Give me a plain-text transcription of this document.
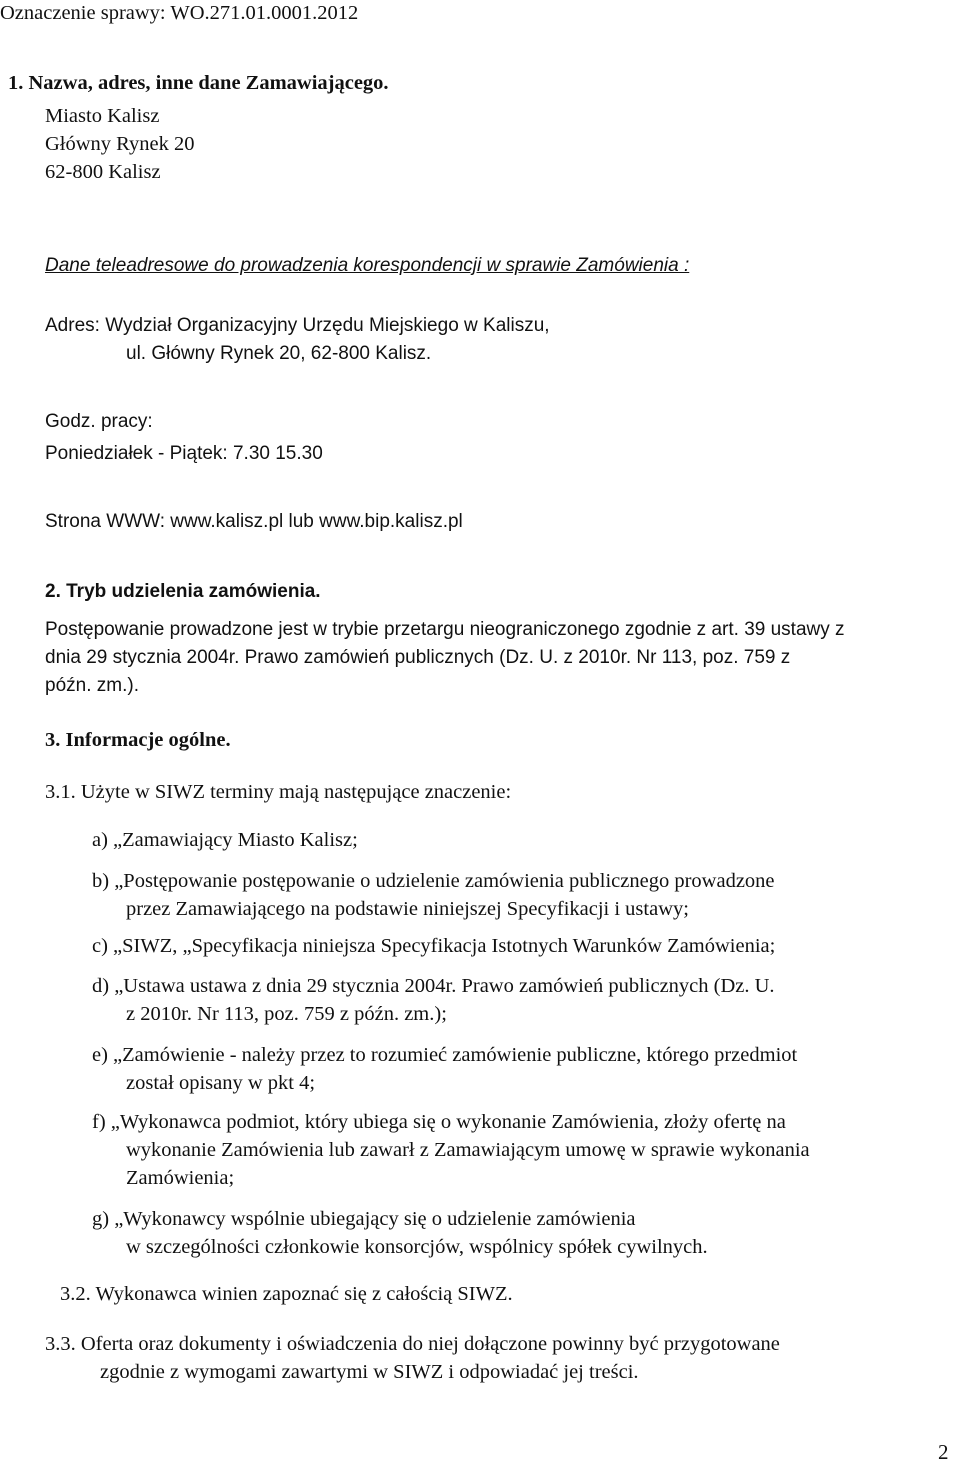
Oznaczenie sprawy: WO.271.01.0001.2012
1. Nazwa, adres, inne dane Zamawiającego.
Miasto Kalisz
Główny Rynek 20
62-800 Kalisz
Dane teleadresowe do prowadzenia korespondencji w sprawie Zamówienia :
Adres: Wydział Organizacyjny Urzędu Miejskiego w Kaliszu,
ul. Główny Rynek 20, 62-800 Kalisz.
Godz. pracy:
Poniedziałek - Piątek: 7.30 15.30
Strona WWW: www.kalisz.pl lub www.bip.kalisz.pl
2. Tryb udzielenia zamówienia.
Postępowanie prowadzone jest w trybie przetargu nieograniczonego zgodnie z art. 39 ustawy z
dnia 29 stycznia 2004r. Prawo zamówień publicznych (Dz. U. z 2010r. Nr 113, poz. 759 z
późn. zm.).
3. Informacje ogólne.
3.1. Użyte w SIWZ terminy mają następujące znaczenie:
a) „Zamawiający Miasto Kalisz;
b) „Postępowanie postępowanie o udzielenie zamówienia publicznego prowadzone
przez Zamawiającego na podstawie niniejszej Specyfikacji i ustawy;
c) „SIWZ, „Specyfikacja niniejsza Specyfikacja Istotnych Warunków Zamówienia;
d) „Ustawa ustawa z dnia 29 stycznia 2004r. Prawo zamówień publicznych (Dz. U.
z 2010r. Nr 113, poz. 759 z późn. zm.);
e) „Zamówienie - należy przez to rozumieć zamówienie publiczne, którego przedmiot
został opisany w pkt 4;
f) „Wykonawca podmiot, który ubiega się o wykonanie Zamówienia, złoży ofertę na
wykonanie Zamówienia lub zawarł z Zamawiającym umowę w sprawie wykonania
Zamówienia;
g) „Wykonawcy wspólnie ubiegający się o udzielenie zamówienia
w szczególności członkowie konsorcjów, wspólnicy spółek cywilnych.
3.2. Wykonawca winien zapoznać się z całością SIWZ.
3.3. Oferta oraz dokumenty i oświadczenia do niej dołączone powinny być przygotowane
zgodnie z wymogami zawartymi w SIWZ i odpowiadać jej treści.
2
